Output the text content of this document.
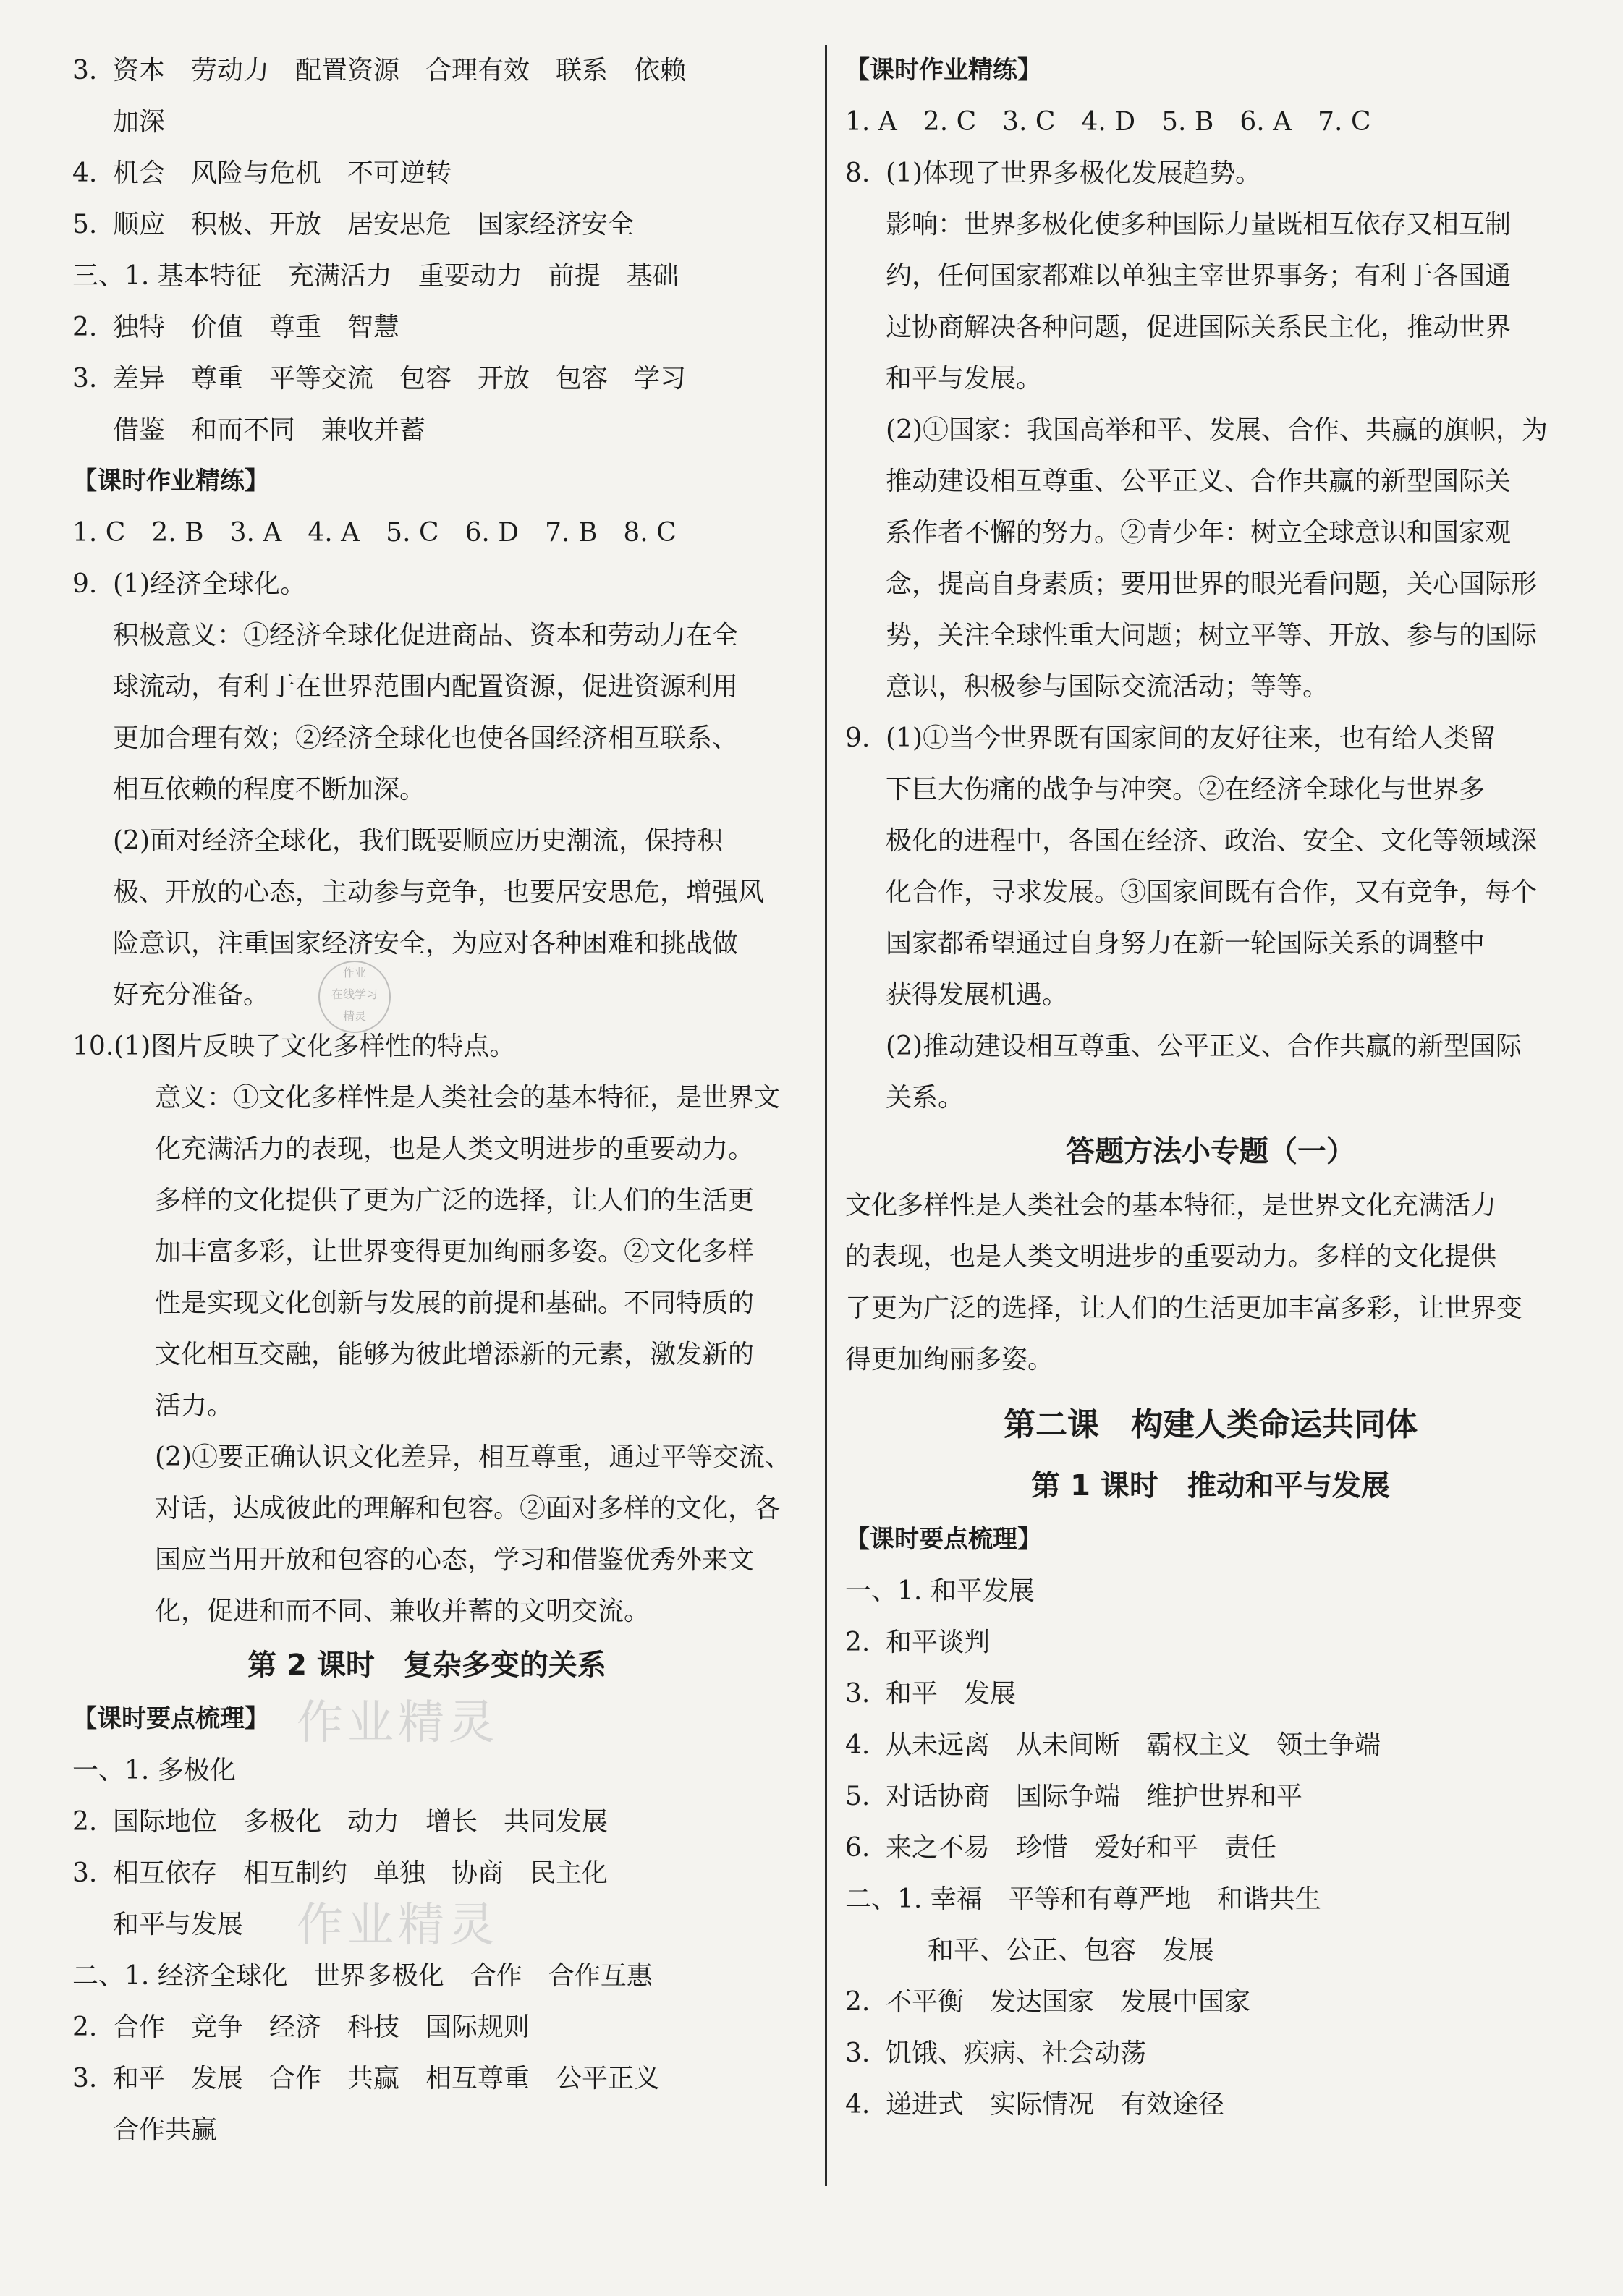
3. 资本　劳动力　配置资源　合理有效　联系　依赖
加深
4. 机会　风险与危机　不可逆转
5. 顺应　积极、开放　居安思危　国家经济安全
三、1. 基本特征　充满活力　重要动力　前提　基础
2. 独特　价值　尊重　智慧
3. 差异　尊重　平等交流　包容　开放　包容　学习
借鉴　和而不同　兼收并蓄
【课时作业精练】
1. C　2. B　3. A　4. A　5. C　6. D　7. B　8. C
9. (1)经济全球化。
积极意义：①经济全球化促进商品、资本和劳动力在全
球流动，有利于在世界范围内配置资源，促进资源利用
更加合理有效；②经济全球化也使各国经济相互联系、
相互依赖的程度不断加深。
(2)面对经济全球化，我们既要顺应历史潮流，保持积
极、开放的心态，主动参与竞争，也要居安思危，增强风
险意识，注重国家经济安全，为应对各种困难和挑战做
好充分准备。
10.(1)图片反映了文化多样性的特点。
意义：①文化多样性是人类社会的基本特征，是世界文
化充满活力的表现，也是人类文明进步的重要动力。
多样的文化提供了更为广泛的选择，让人们的生活更
加丰富多彩，让世界变得更加绚丽多姿。②文化多样
性是实现文化创新与发展的前提和基础。不同特质的
文化相互交融，能够为彼此增添新的元素，激发新的
活力。
(2)①要正确认识文化差异，相互尊重，通过平等交流、
对话，达成彼此的理解和包容。②面对多样的文化，各
国应当用开放和包容的心态，学习和借鉴优秀外来文
化，促进和而不同、兼收并蓄的文明交流。
第 2 课时　复杂多变的关系
【课时要点梳理】
一、1. 多极化
2. 国际地位　多极化　动力　增长　共同发展
3. 相互依存　相互制约　单独　协商　民主化
和平与发展
二、1. 经济全球化　世界多极化　合作　合作互惠
2. 合作　竞争　经济　科技　国际规则
3. 和平　发展　合作　共赢　相互尊重　公平正义
合作共赢
【课时作业精练】
1. A　2. C　3. C　4. D　5. B　6. A　7. C
8. (1)体现了世界多极化发展趋势。
影响：世界多极化使多种国际力量既相互依存又相互制
约，任何国家都难以单独主宰世界事务；有利于各国通
过协商解决各种问题，促进国际关系民主化，推动世界
和平与发展。
(2)①国家：我国高举和平、发展、合作、共赢的旗帜，为
推动建设相互尊重、公平正义、合作共赢的新型国际关
系作者不懈的努力。②青少年：树立全球意识和国家观
念，提高自身素质；要用世界的眼光看问题，关心国际形
势，关注全球性重大问题；树立平等、开放、参与的国际
意识，积极参与国际交流活动；等等。
9. (1)①当今世界既有国家间的友好往来，也有给人类留
下巨大伤痛的战争与冲突。②在经济全球化与世界多
极化的进程中，各国在经济、政治、安全、文化等领域深
化合作，寻求发展。③国家间既有合作，又有竞争，每个
国家都希望通过自身努力在新一轮国际关系的调整中
获得发展机遇。
(2)推动建设相互尊重、公平正义、合作共赢的新型国际
关系。
答题方法小专题（一）
文化多样性是人类社会的基本特征，是世界文化充满活力
的表现，也是人类文明进步的重要动力。多样的文化提供
了更为广泛的选择，让人们的生活更加丰富多彩，让世界变
得更加绚丽多姿。
第二课　构建人类命运共同体
第 1 课时　推动和平与发展
【课时要点梳理】
一、1. 和平发展
2. 和平谈判
3. 和平　发展
4. 从未远离　从未间断　霸权主义　领土争端
5. 对话协商　国际争端　维护世界和平
6. 来之不易　珍惜　爱好和平　责任
二、1. 幸福　平等和有尊严地　和谐共生
和平、公正、包容　发展
2. 不平衡　发达国家　发展中国家
3. 饥饿、疾病、社会动荡
4. 递进式　实际情况　有效途径
作业
在线学习
精灵
作业精灵
作业精灵
